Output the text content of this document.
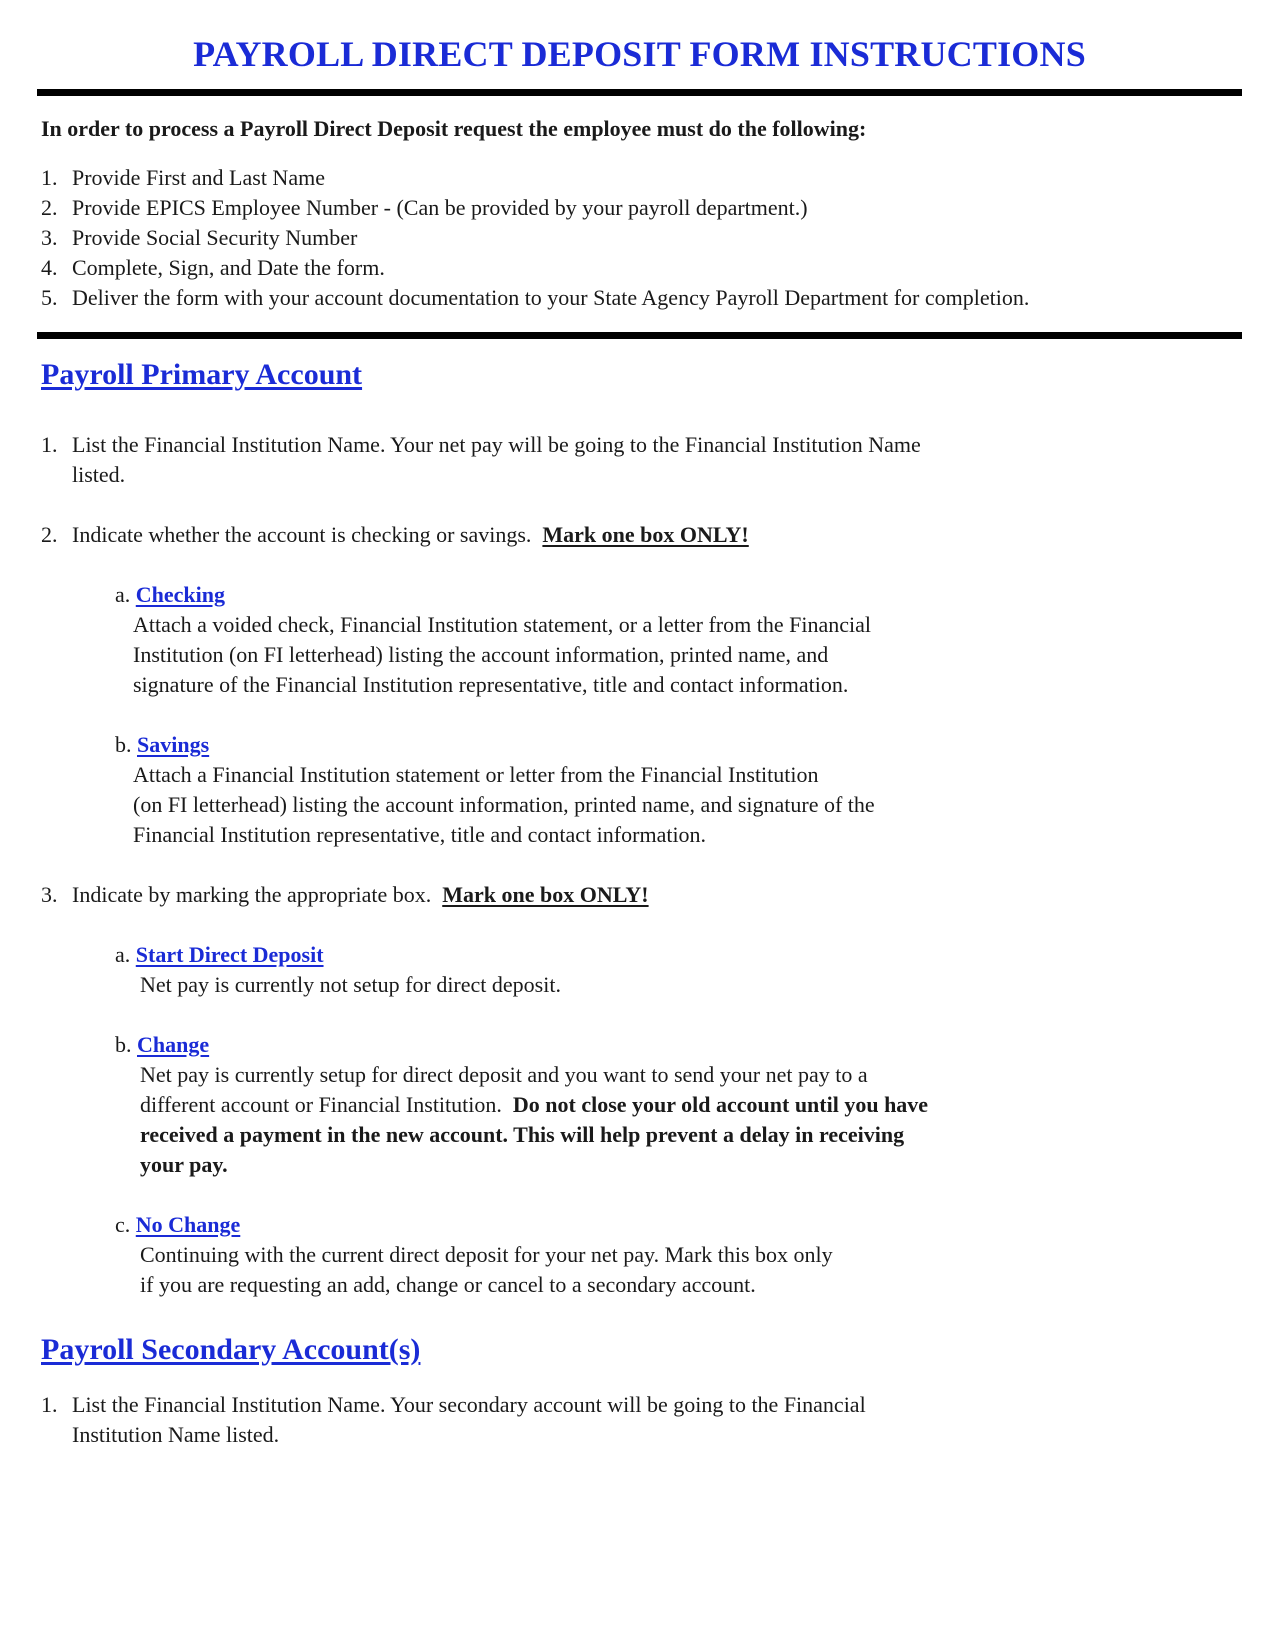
PAYROLL DIRECT DEPOSIT FORM INSTRUCTIONS
In order to process a Payroll Direct Deposit request the employee must do the following:
1. Provide First and Last Name
2. Provide EPICS Employee Number - (Can be provided by your payroll department.)
3. Provide Social Security Number
4. Complete, Sign, and Date the form.
5. Deliver the form with your account documentation to your State Agency Payroll Department for completion.
Payroll Primary Account
1. List the Financial Institution Name. Your net pay will be going to the Financial Institution Name
listed.
2. Indicate whether the account is checking or savings. Mark one box ONLY!
a. Checking
Attach a voided check, Financial Institution statement, or a letter from the Financial
Institution (on FI letterhead) listing the account information, printed name, and
signature of the Financial Institution representative, title and contact information.
b. Savings
Attach a Financial Institution statement or letter from the Financial Institution
(on FI letterhead) listing the account information, printed name, and signature of the
Financial Institution representative, title and contact information.
3. Indicate by marking the appropriate box. Mark one box ONLY!
a. Start Direct Deposit
Net pay is currently not setup for direct deposit.
b. Change
Net pay is currently setup for direct deposit and you want to send your net pay to a
different account or Financial Institution. Do not close your old account until you have
received a payment in the new account. This will help prevent a delay in receiving
your pay.
c. No Change
Continuing with the current direct deposit for your net pay. Mark this box only
if you are requesting an add, change or cancel to a secondary account.
Payroll Secondary Account(s)
1. List the Financial Institution Name. Your secondary account will be going to the Financial
Institution Name listed.
